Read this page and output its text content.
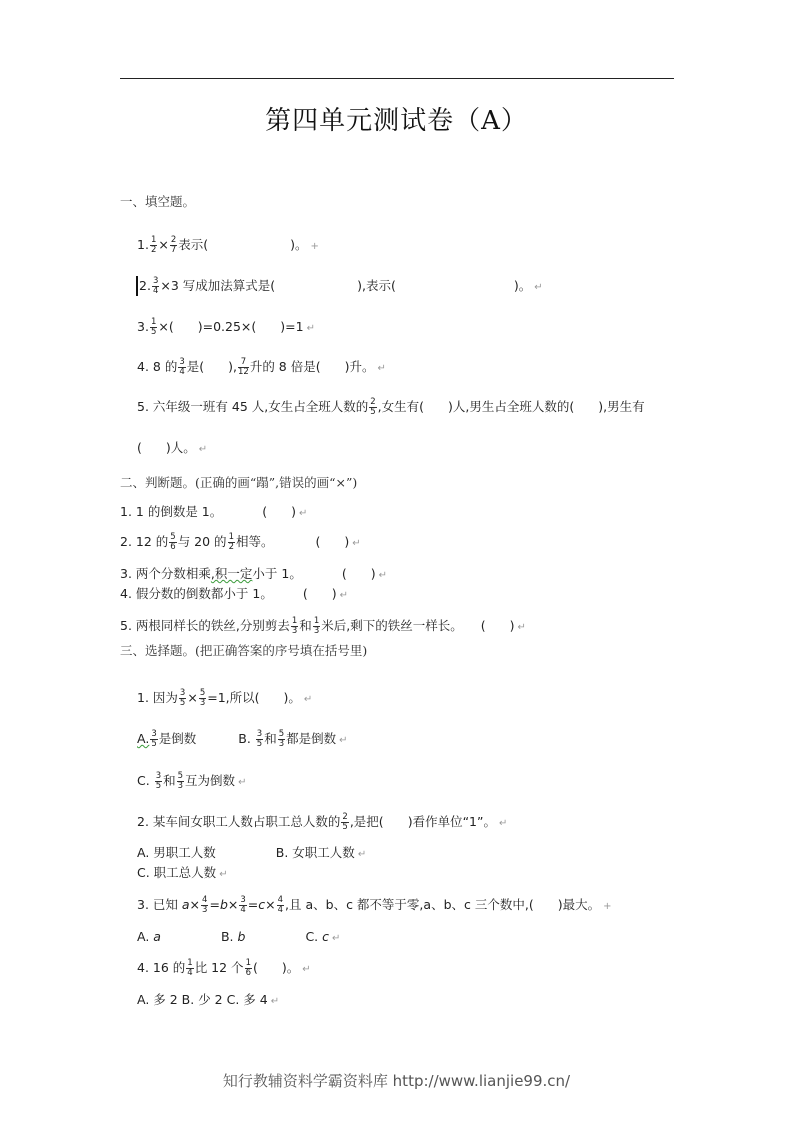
第四单元测试卷（A）
一、填空题。
1. $\frac{1}{2} \times \frac{2}{7}$ 表示(	)。 +
2. $\frac{3}{4} \times 3$ 写成加法算式是(	),表示(	)。 ↵
3. $\frac{1}{5}$ ×( )=0.25×( )=1 ↵
4. 8 的 $\frac{3}{4}$ 是( ), $\frac{7}{12}$ 升的 8 倍是( )升。 ↵
5. 六年级一班有 45 人,女生占全班人数的 $\frac{2}{5}$ ,女生有( )人,男生占全班人数的( ),男生有
( )人。 ↵
二、判断题。(正确的画“蹋”,错误的画“×”)
1. 1 的倒数是 1。	( ) ↵
2. 12 的 $\frac{5}{6}$ 与 20 的 $\frac{1}{2}$ 相等。	( ) ↵
3. 两个分数相乘,积一定小于 1。	( ) ↵
4. 假分数的倒数都小于 1。 ( ) ↵
5. 两根同样长的铁丝,分别剪去 $\frac{1}{3}$ 和 $\frac{1}{3}$ 米后,剩下的铁丝一样长。 ( ) ↵
三、选择题。(把正确答案的序号填在括号里)
1. 因为 $\frac{3}{5} \times \frac{5}{3} =1$,所以( )。 ↵
A. $\frac{3}{5}$ 是倒数	B. $\frac{3}{5}$ 和 $\frac{5}{3}$ 都是倒数 ↵
C. $\frac{3}{5}$ 和 $\frac{5}{3}$ 互为倒数 ↵
2. 某车间女职工人数占职工总人数的 $\frac{2}{5}$ ,是把( )看作单位“1”。 ↵
A. 男职工人数	B. 女职工人数 ↵
C. 职工总人数 ↵
3. 已知 $a\times \frac{4}{3} =b\times \frac{3}{4} =c\times \frac{4}{4}$ ,且 a、b、c 都不等于零,a、b、c 三个数中,( )最大。 +
A. a	B. b	C. c ↵
4. 16 的 $\frac{1}{4}$ 比 12 个 $\frac{1}{6}$ ( )。 ↵
A. 多 2 B. 少 2 C. 多 4 ↵
知行教辅资料学霸资料库 http://www.lianjie99.cn/
